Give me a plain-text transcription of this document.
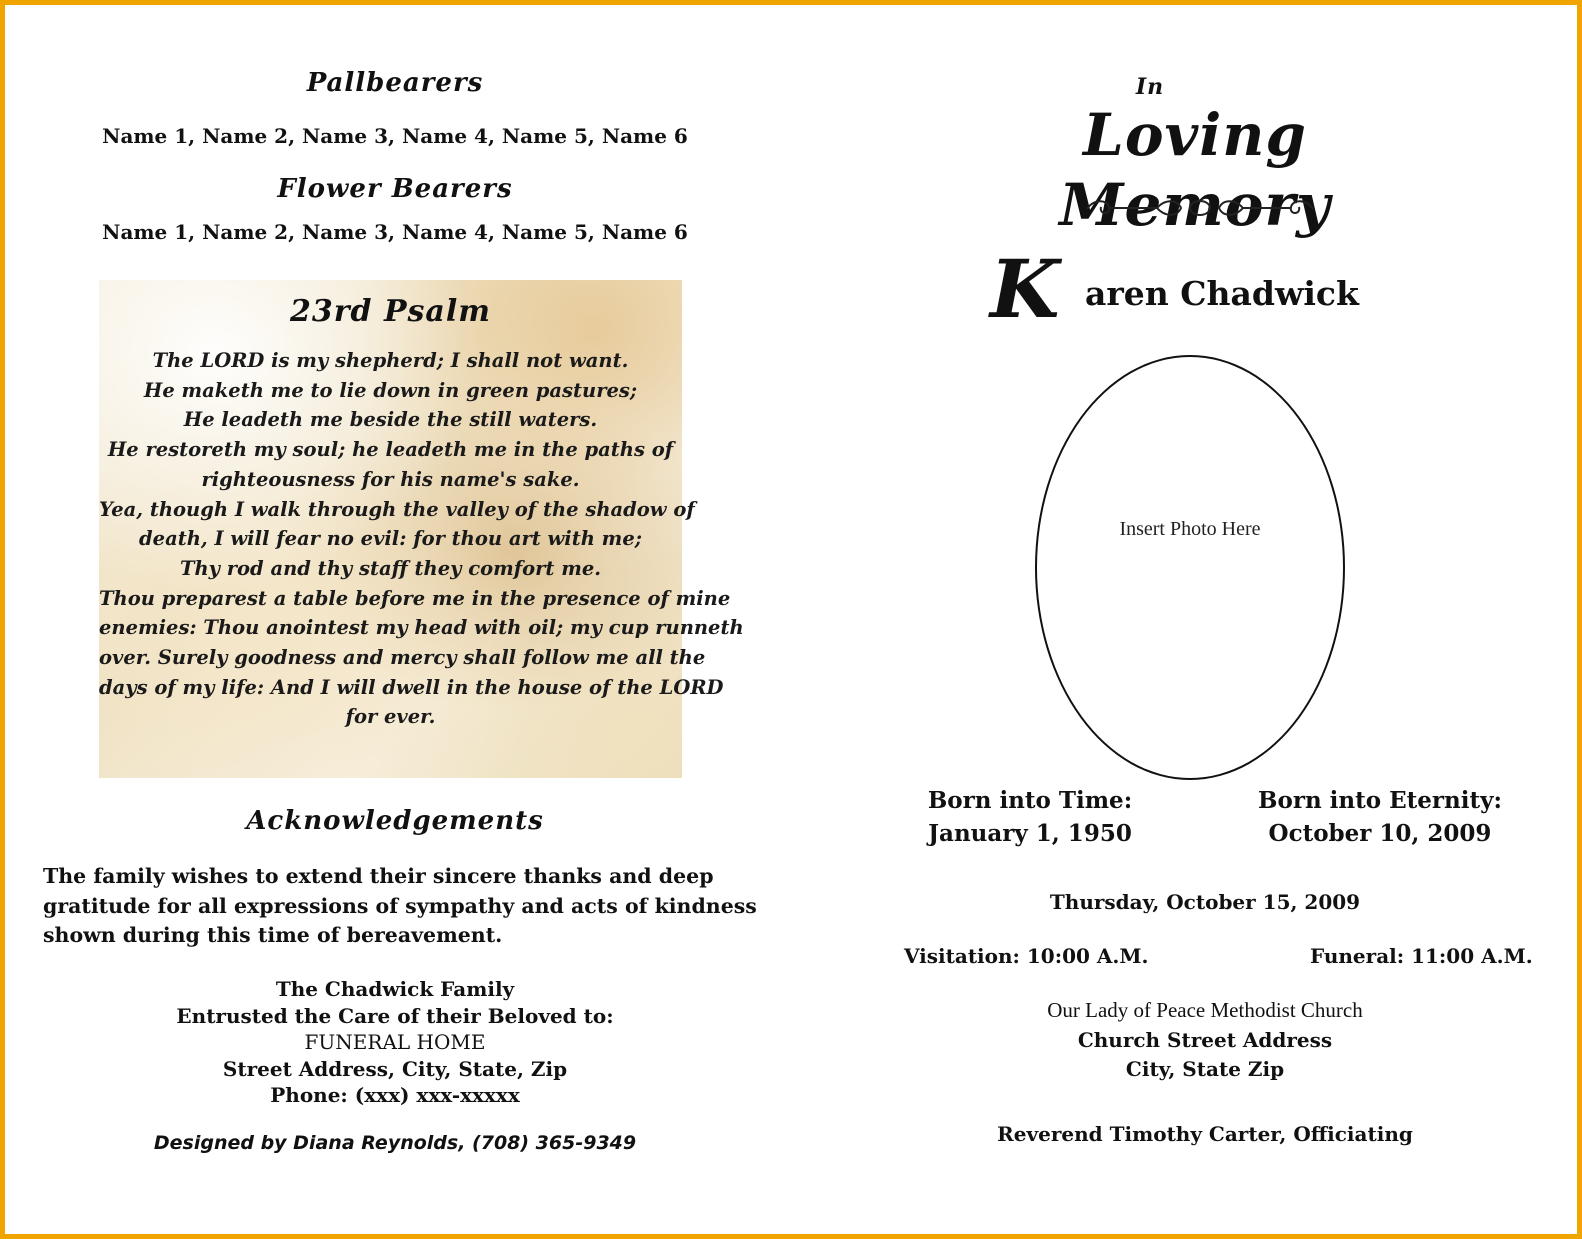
Pallbearers
Name 1, Name 2, Name 3, Name 4, Name 5, Name 6
Flower Bearers
Name 1, Name 2, Name 3, Name 4, Name 5, Name 6
23rd Psalm
The LORD is my shepherd; I shall not want.
He maketh me to lie down in green pastures;
He leadeth me beside the still waters.
He restoreth my soul; he leadeth me in the paths of
righteousness for his name's sake.
Yea, though I walk through the valley of the shadow of
death, I will fear no evil: for thou art with me;
Thy rod and thy staff they comfort me.
Thou preparest a table before me in the presence of mine
enemies: Thou anointest my head with oil; my cup runneth
over. Surely goodness and mercy shall follow me all the
days of my life: And I will dwell in the house of the LORD
for ever.
Acknowledgements
The family wishes to extend their sincere thanks and deep
gratitude for all expressions of sympathy and acts of kindness
shown during this time of bereavement.
The Chadwick Family
Entrusted the Care of their Beloved to:
FUNERAL HOME
Street Address, City, State, Zip
Phone: (xxx) xxx-xxxxx
Designed by Diana Reynolds, (708) 365-9349
In
Loving Memory
K aren Chadwick
Insert Photo Here
Born into Time:
January 1, 1950
Born into Eternity:
October 10, 2009
Thursday, October 15, 2009
Visitation: 10:00 A.M.	Funeral: 11:00 A.M.
Our Lady of Peace Methodist Church
Church Street Address
City, State Zip
Reverend Timothy Carter, Officiating
